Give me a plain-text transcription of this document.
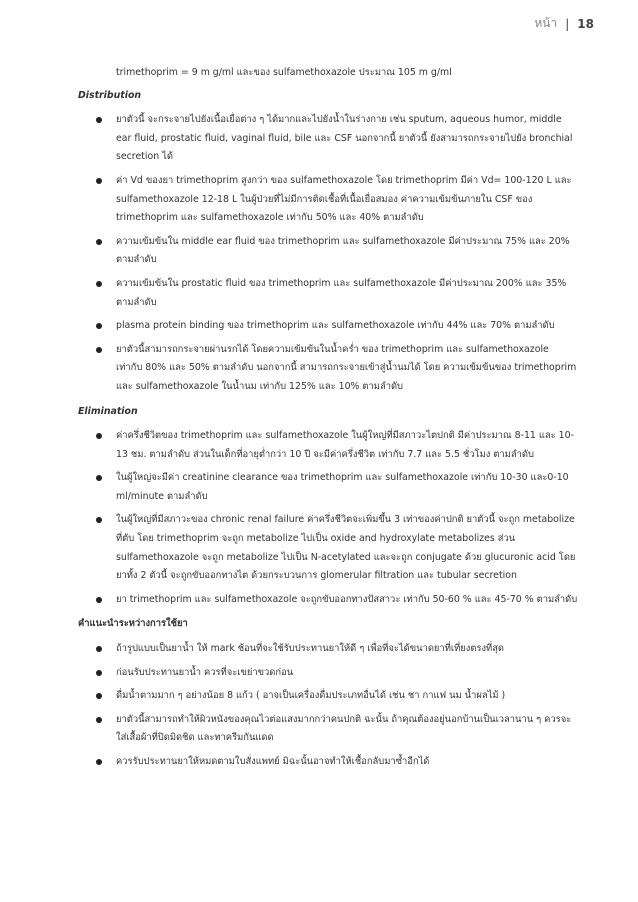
หน้า | 18
trimethoprim = 9 m g/ml และของ sulfamethoxazole ประมาณ 105 m g/ml
Distribution
ยาตัวนี้ จะกระจายไปยังเนื้อเยื่อต่าง ๆ ได้มากและไปยังน้ำในร่างกาย เช่น sputum, aqueous humor, middle ear fluid, prostatic fluid, vaginal fluid, bile และ CSF นอกจากนี้ ยาตัวนี้ ยังสามารถกระจายไปยัง bronchial secretion ได้
ค่า Vd ของยา trimethoprim สูงกว่า ของ sulfamethoxazole โดย trimethoprim มีค่า Vd= 100-120 L และ sulfamethoxazole 12-18 L ในผู้ป่วยที่ไม่มีการติดเชื้อที่เนื้อเยื่อสมอง ค่าความเข้มข้นภายใน CSF ของ trimethoprim และ sulfamethoxazole เท่ากับ 50% และ 40% ตามลำดับ
ความเข้มข้นใน middle ear fluid ของ trimethoprim และ sulfamethoxazole มีค่าประมาณ 75% และ 20% ตามลำดับ
ความเข้มข้นใน prostatic fluid ของ trimethoprim และ sulfamethoxazole มีค่าประมาณ 200% และ 35% ตามลำดับ
plasma protein binding ของ trimethoprim และ sulfamethoxazole เท่ากับ 44% และ 70% ตามลำดับ
ยาตัวนี้สามารถกระจายผ่านรกได้ โดยความเข้มข้นในน้ำคร่ำ ของ trimethoprim และ sulfamethoxazole เท่ากับ 80% และ 50% ตามลำดับ นอกจากนี้ สามารถกระจายเข้าสู่น้ำนมได้ โดย ความเข้มข้นของ trimethoprim และ sulfamethoxazole ในน้ำนม เท่ากับ 125% และ 10% ตามลำดับ
Elimination
ค่าครึ่งชีวิตของ trimethoprim และ sulfamethoxazole ในผู้ใหญ่ที่มีสภาวะไตปกติ มีค่าประมาณ 8-11 และ 10-13 ชม. ตามลำดับ ส่วนในเด็กที่อายุต่ำกว่า 10 ปี จะมีค่าครึ่งชีวิต เท่ากับ 7.7 และ 5.5 ชั่วโมง ตามลำดับ
ในผู้ใหญ่จะมีค่า creatinine clearance ของ trimethoprim และ sulfamethoxazole เท่ากับ 10-30 และ0-10 ml/minute ตามลำดับ
ในผู้ใหญ่ที่มีสภาวะของ chronic renal failure ค่าครึ่งชีวิตจะเพิ่มขึ้น 3 เท่าของค่าปกติ ยาตัวนี้ จะถูก metabolize ที่ตับ โดย trimethoprim จะถูก metabolize ไปเป็น oxide and hydroxylate metabolizes ส่วน sulfamethoxazole จะถูก metabolize ไปเป็น N-acetylated และจะถูก conjugate ด้วย glucuronic acid โดยยาทั้ง 2 ตัวนี้ จะถูกขับออกทางไต ด้วยกระบวนการ glomerular filtration และ tubular secretion
ยา trimethoprim และ sulfamethoxazole จะถูกขับออกทางปัสสาวะ เท่ากับ 50-60 % และ 45-70 % ตามลำดับ
คำแนะนำระหว่างการใช้ยา
ถ้ารูปแบบเป็นยาน้ำ ให้ mark ช้อนที่จะใช้รับประทานยาให้ดี ๆ เพื่อที่จะได้ขนาดยาที่เที่ยงตรงที่สุด
ก่อนรับประทานยาน้ำ ควรที่จะเขย่าขวดก่อน
ดื่มน้ำตามมาก ๆ อย่างน้อย 8 แก้ว ( อาจเป็นเครื่องดื่มประเภทอื่นได้ เช่น ชา กาแฟ นม น้ำผลไม้ )
ยาตัวนี้สามารถทำให้ผิวหนังของคุณไวต่อแสงมากกว่าคนปกติ ฉะนั้น ถ้าคุณต้องอยู่นอกบ้านเป็นเวลานาน ๆ ควรจะใส่เสื้อผ้าที่ปิดมิดชิด และทาครีมกันแดด
ควรรับประทานยาให้หมดตามใบสั่งแพทย์ มิฉะนั้นอาจทำให้เชื้อกลับมาซ้ำอีกได้
